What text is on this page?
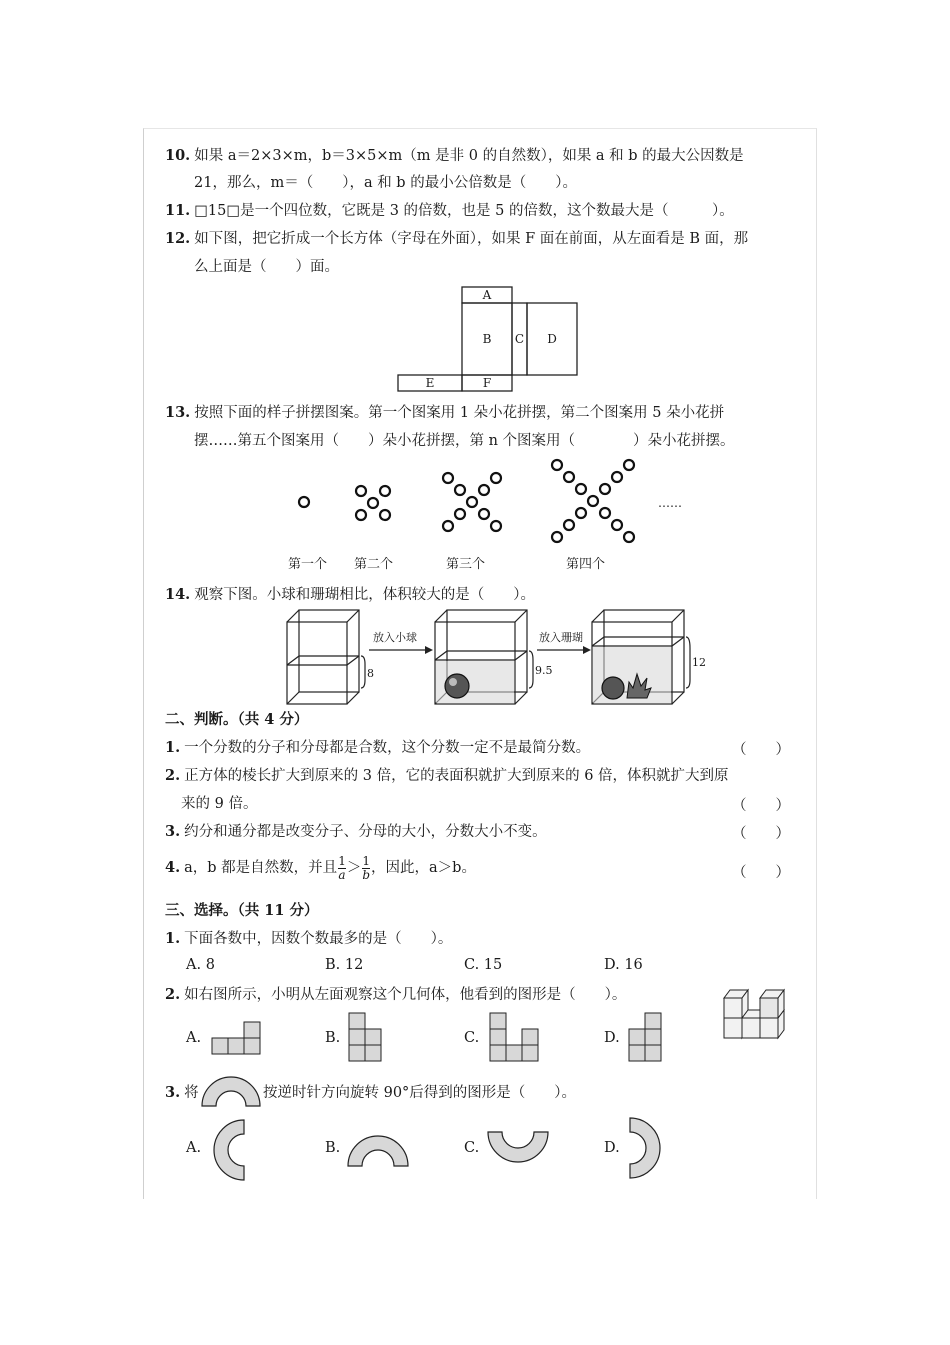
10. 如果 a＝2×3×m，b＝3×5×m（m 是非 0 的自然数），如果 a 和 b 的最大公因数是
21，那么，m＝（　　），a 和 b 的最小公倍数是（　　）。
11. □15□是一个四位数，它既是 3 的倍数，也是 5 的倍数，这个数最大是（　　　）。
12. 如下图，把它折成一个长方体（字母在外面），如果 F 面在前面，从左面看是 B 面，那
么上面是（　　）面。
A
B C D
E	F
13. 按照下面的样子拼摆图案。第一个图案用 1 朵小花拼摆，第二个图案用 5 朵小花拼
摆……第五个图案用（　　）朵小花拼摆，第 n 个图案用（　　　　）朵小花拼摆。
……
第一个 第二个	第三个	第四个
14. 观察下图。小球和珊瑚相比，体积较大的是（　　）。
放入小球	放入珊瑚
8	9.5
12
二、判断。（共 4 分）
1. 一个分数的分子和分母都是合数，这个分数一定不是最简分数。	（　　）
2. 正方体的棱长扩大到原来的 3 倍，它的表面积就扩大到原来的 6 倍，体积就扩大到原
来的 9 倍。	（　　）
3. 约分和通分都是改变分子、分母的大小，分数大小不变。	（　　）
4. a，b 都是自然数，并且 $\frac{1}{a} > \frac{1}{b}$ ，因此，a＞b。	（　　）
三、选择。（共 11 分）
1. 下面各数中，因数个数最多的是（　　）。
A. 8	B. 12	C. 15	D. 16
2. 如右图所示，小明从左面观察这个几何体，他看到的图形是（　　）。
A.	B.	C.	D.
3. 将	按逆时针方向旋转 90°后得到的图形是（　　）。
A.	B.	C.	D.
